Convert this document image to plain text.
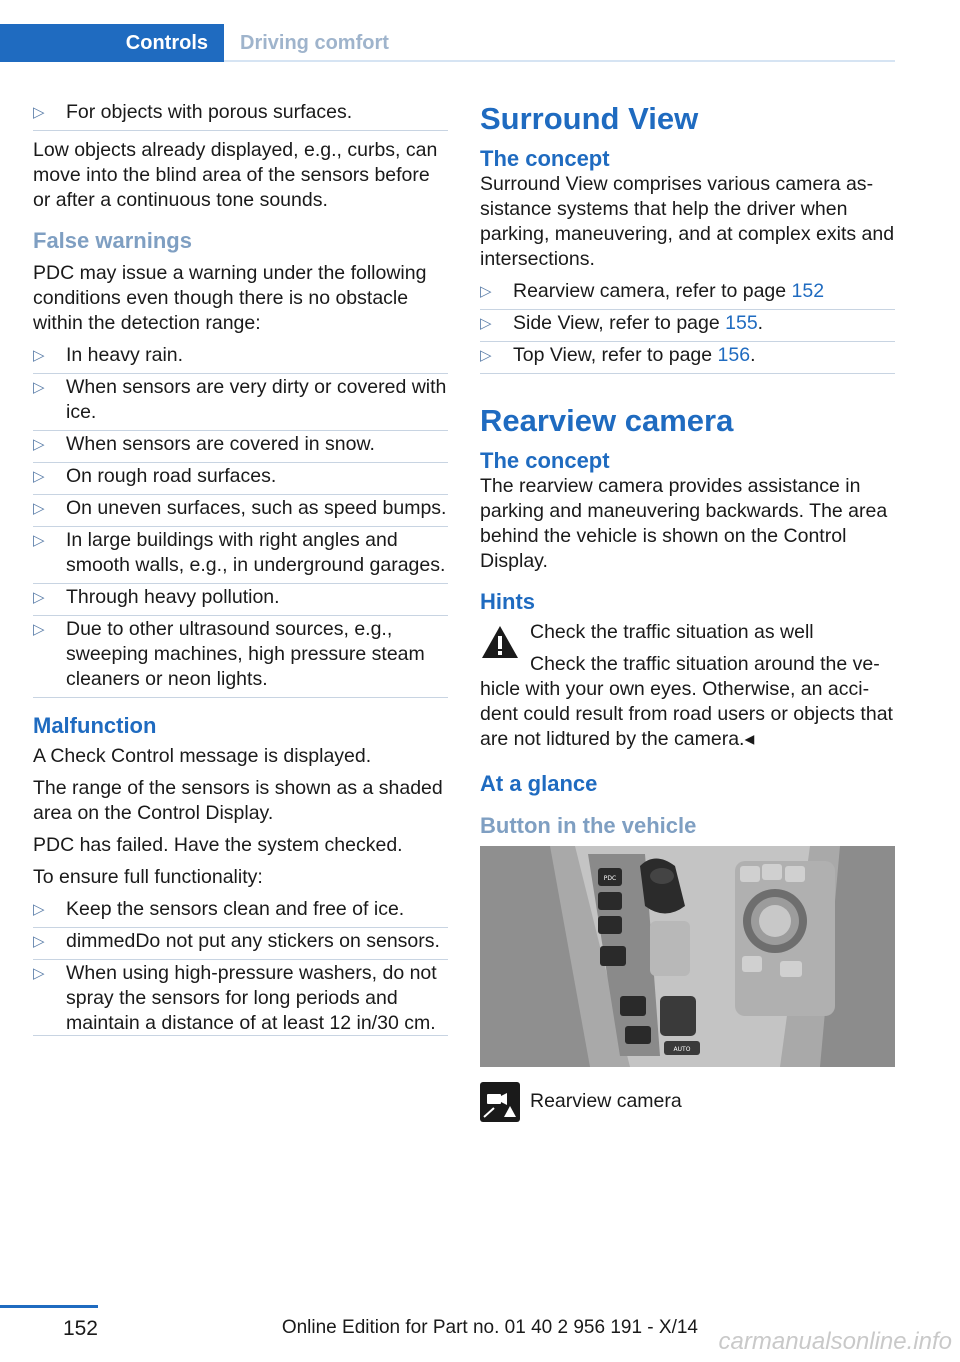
Controls Driving comfort
▷ For objects with porous surfaces.

Low objects already displayed, e.g., curbs, can move into the blind area of the sensors before or after a continuous tone sounds.

False warnings

PDC may issue a warning under the following conditions even though there is no obstacle within the detection range:

▷ In heavy rain.
▷ When sensors are very dirty or covered with ice.
▷ When sensors are covered in snow.
▷ On rough road surfaces.
▷ On uneven surfaces, such as speed bumps.
▷ In large buildings with right angles and smooth walls, e.g., in underground garages.
▷ Through heavy pollution.
▷ Due to other ultrasound sources, e.g., sweeping machines, high pressure steam cleaners or neon lights.
Malfunction

A Check Control message is displayed.

The range of the sensors is shown as a shaded area on the Control Display.

PDC has failed. Have the system checked.

To ensure full functionality:

▷ Keep the sensors clean and free of ice.
▷ dimmedDo not put any stickers on sensors.
▷ When using high-pressure washers, do not spray the sensors for long periods and maintain a distance of at least 12 in/30 cm.
Surround View
The concept

Surround View comprises various camera assistance systems that help the driver when parking, maneuvering, and at complex exits and intersections.

▷ Rearview camera, refer to page 152
▷ Side View, refer to page 155.
▷ Top View, refer to page 156.
Rearview camera
The concept

The rearview camera provides assistance in parking and maneuvering backwards. The area behind the vehicle is shown on the Control Display.

Hints

Check the traffic situation as well

Check the traffic situation around the vehicle with your own eyes. Otherwise, an accident could result from road users or objects that are not lidtured by the camera.◂

At a glance
Button in the vehicle
PDC
AUTO
Rearview camera
152	Online Edition for Part no. 01 40 2 956 191 - X/14
carmanualsonline.info
